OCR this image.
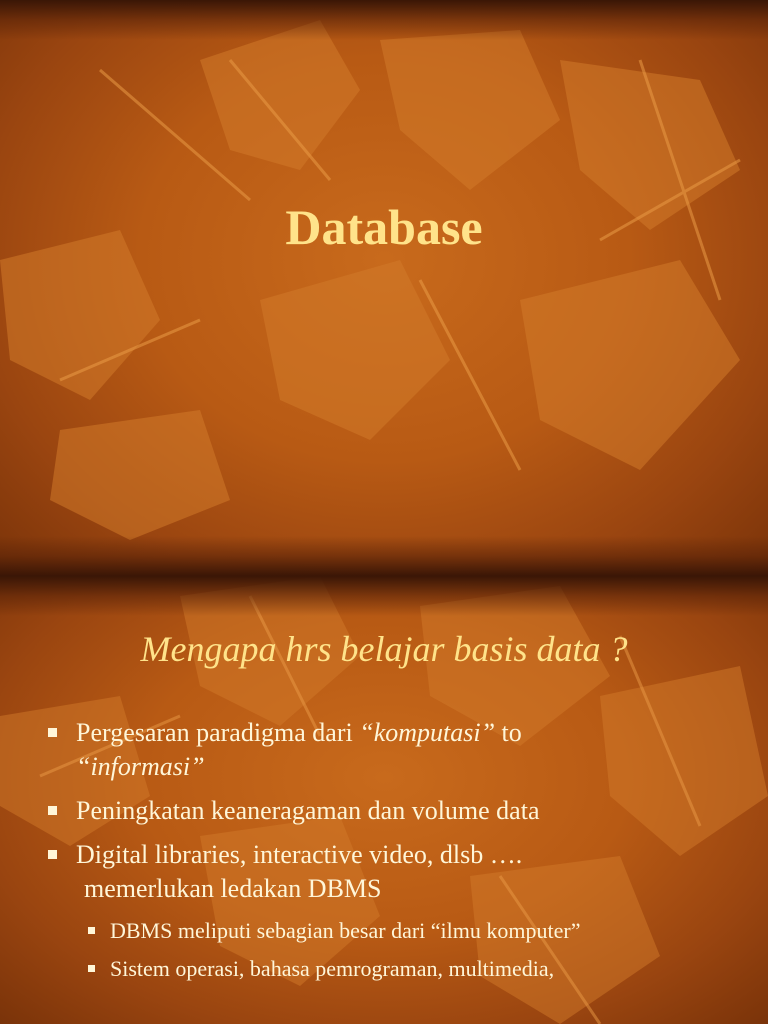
Database
Mengapa hrs belajar basis data ?
Pergesaran paradigma dari “komputasi” to
“informasi”
Peningkatan keaneragaman dan volume data
Digital libraries, interactive video, dlsb ….
memerlukan ledakan DBMS
DBMS meliputi sebagian besar dari “ilmu komputer”
Sistem operasi, bahasa pemrograman, multimedia,
